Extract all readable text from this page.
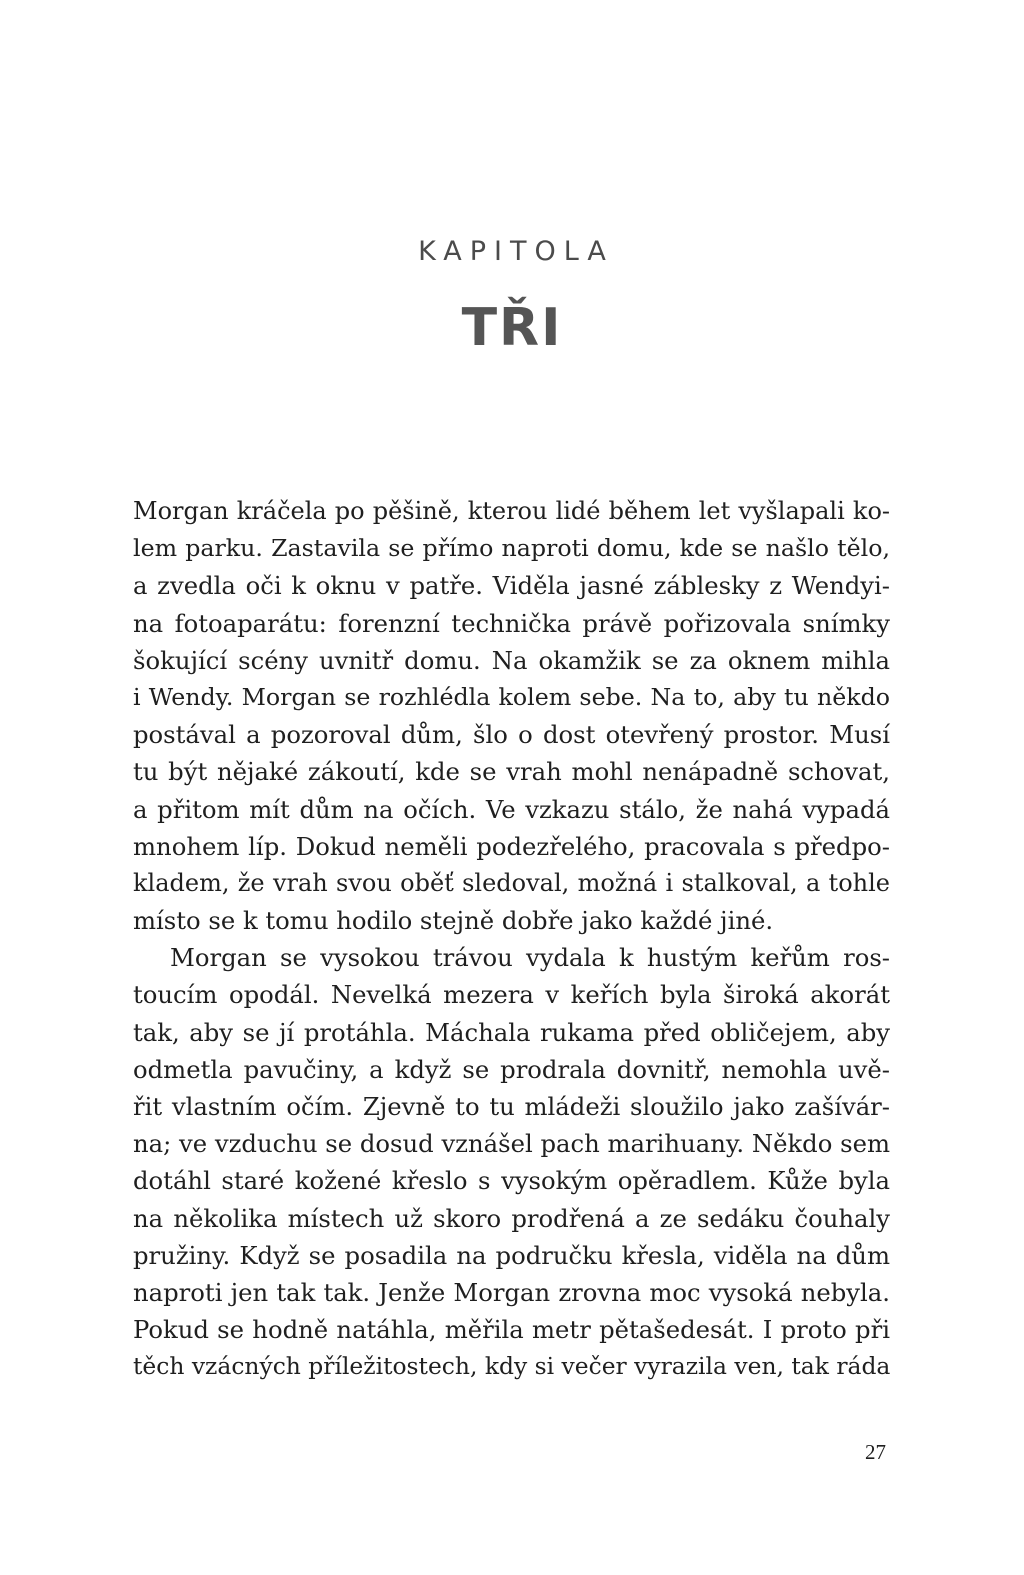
KAPITOLA
TŘI
Morgan kráčela po pěšině, kterou lidé během let vyšlapali ko-
lem parku. Zastavila se přímo naproti domu, kde se našlo tělo,
a zvedla oči k oknu v patře. Viděla jasné záblesky z Wendyi-
na fotoaparátu: forenzní technička právě pořizovala snímky
šokující scény uvnitř domu. Na okamžik se za oknem mihla
i Wendy. Morgan se rozhlédla kolem sebe. Na to, aby tu někdo
postával a pozoroval dům, šlo o dost otevřený prostor. Musí
tu být nějaké zákoutí, kde se vrah mohl nenápadně schovat,
a přitom mít dům na očích. Ve vzkazu stálo, že nahá vypadá
mnohem líp. Dokud neměli podezřelého, pracovala s předpo-
kladem, že vrah svou oběť sledoval, možná i stalkoval, a tohle
místo se k tomu hodilo stejně dobře jako každé jiné.
Morgan se vysokou trávou vydala k hustým keřům ros-
toucím opodál. Nevelká mezera v keřích byla široká akorát
tak, aby se jí protáhla. Máchala rukama před obličejem, aby
odmetla pavučiny, a když se prodrala dovnitř, nemohla uvě-
řit vlastním očím. Zjevně to tu mládeži sloužilo jako zašívár-
na; ve vzduchu se dosud vznášel pach marihuany. Někdo sem
dotáhl staré kožené křeslo s vysokým opěradlem. Kůže byla
na několika místech už skoro prodřená a ze sedáku čouhaly
pružiny. Když se posadila na područku křesla, viděla na dům
naproti jen tak tak. Jenže Morgan zrovna moc vysoká nebyla.
Pokud se hodně natáhla, měřila metr pětašedesát. I proto při
těch vzácných příležitostech, kdy si večer vyrazila ven, tak ráda
27
